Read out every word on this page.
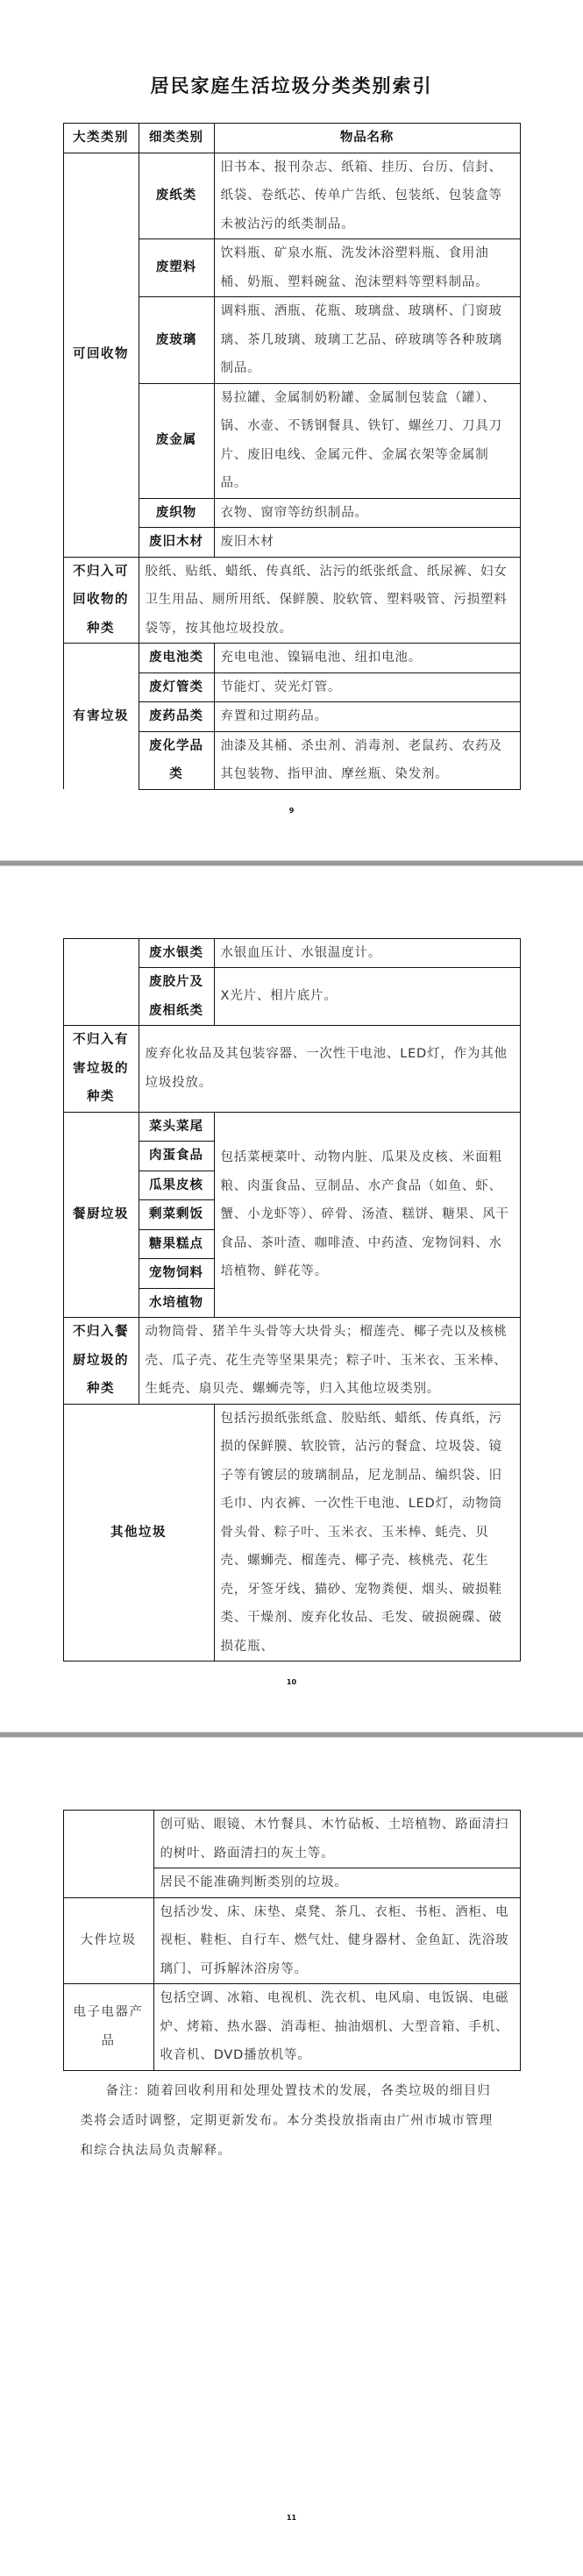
居民家庭生活垃圾分类类别索引
大类类别	细类类别	物品名称
可回收物	废纸类	旧书本、报刊杂志、纸箱、挂历、台历、信封、纸袋、卷纸芯、传单广告纸、包装纸、包装盒等未被沾污的纸类制品。
	废塑料	饮料瓶、矿泉水瓶、洗发沐浴塑料瓶、食用油桶、奶瓶、塑料碗盆、泡沫塑料等塑料制品。
	废玻璃	调料瓶、酒瓶、花瓶、玻璃盘、玻璃杯、门窗玻璃、茶几玻璃、玻璃工艺品、碎玻璃等各种玻璃制品。
	废金属	易拉罐、金属制奶粉罐、金属制包装盒（罐）、锅、水壶、不锈钢餐具、铁钉、螺丝刀、刀具刀片、废旧电线、金属元件、金属衣架等金属制品。
	废织物	衣物、窗帘等纺织制品。
	废旧木材	废旧木材
不归入可回收物的种类	胶纸、贴纸、蜡纸、传真纸、沾污的纸张纸盒、纸尿裤、妇女卫生用品、厕所用纸、保鲜膜、胶软管、塑料吸管、污损塑料袋等，按其他垃圾投放。	
有害垃圾	废电池类	充电电池、镍镉电池、纽扣电池。
	废灯管类	节能灯、荧光灯管。
	废药品类	弃置和过期药品。
	废化学品类	油漆及其桶、杀虫剂、消毒剂、老鼠药、农药及其包装物、指甲油、摩丝瓶、染发剂。
9
	废水银类	水银血压计、水银温度计。
	废胶片及废相纸类	X光片、相片底片。
不归入有害垃圾的种类	废弃化妆品及其包装容器、一次性干电池、LED灯，作为其他垃圾投放。	
餐厨垃圾	菜头菜尾	包括菜梗菜叶、动物内脏、瓜果及皮核、米面粗粮、肉蛋食品、豆制品、水产食品（如鱼、虾、蟹、小龙虾等）、碎骨、汤渣、糕饼、糖果、风干食品、茶叶渣、咖啡渣、中药渣、宠物饲料、水培植物、鲜花等。
	肉蛋食品	
	瓜果皮核	
	剩菜剩饭	
	糖果糕点	
	宠物饲料	
	水培植物	
不归入餐厨垃圾的种类	动物筒骨、猪羊牛头骨等大块骨头；榴莲壳、椰子壳以及核桃壳、瓜子壳、花生壳等坚果果壳；粽子叶、玉米衣、玉米棒、生蚝壳、扇贝壳、螺蛳壳等，归入其他垃圾类别。	
其他垃圾		包括污损纸张纸盒、胶贴纸、蜡纸、传真纸，污损的保鲜膜、软胶管，沾污的餐盒、垃圾袋、镜子等有镀层的玻璃制品，尼龙制品、编织袋、旧毛巾、内衣裤、一次性干电池、LED灯，动物筒骨头骨、粽子叶、玉米衣、玉米棒、蚝壳、贝壳、螺蛳壳、榴莲壳、椰子壳、核桃壳、花生壳，牙签牙线、猫砂、宠物粪便、烟头、破损鞋类、干燥剂、废弃化妆品、毛发、破损碗碟、破损花瓶、
10
	创可贴、眼镜、木竹餐具、木竹砧板、土培植物、路面清扫的树叶、路面清扫的灰土等。
	居民不能准确判断类别的垃圾。
大件垃圾	包括沙发、床、床垫、桌凳、茶几、衣柜、书柜、酒柜、电视柜、鞋柜、自行车、燃气灶、健身器材、金鱼缸、洗浴玻璃门、可拆解沐浴房等。
电子电器产品	包括空调、冰箱、电视机、洗衣机、电风扇、电饭锅、电磁炉、烤箱、热水器、消毒柜、抽油烟机、大型音箱、手机、收音机、DVD播放机等。
备注：随着回收利用和处理处置技术的发展，各类垃圾的细目归类将会适时调整，定期更新发布。本分类投放指南由广州市城市管理和综合执法局负责解释。
11
